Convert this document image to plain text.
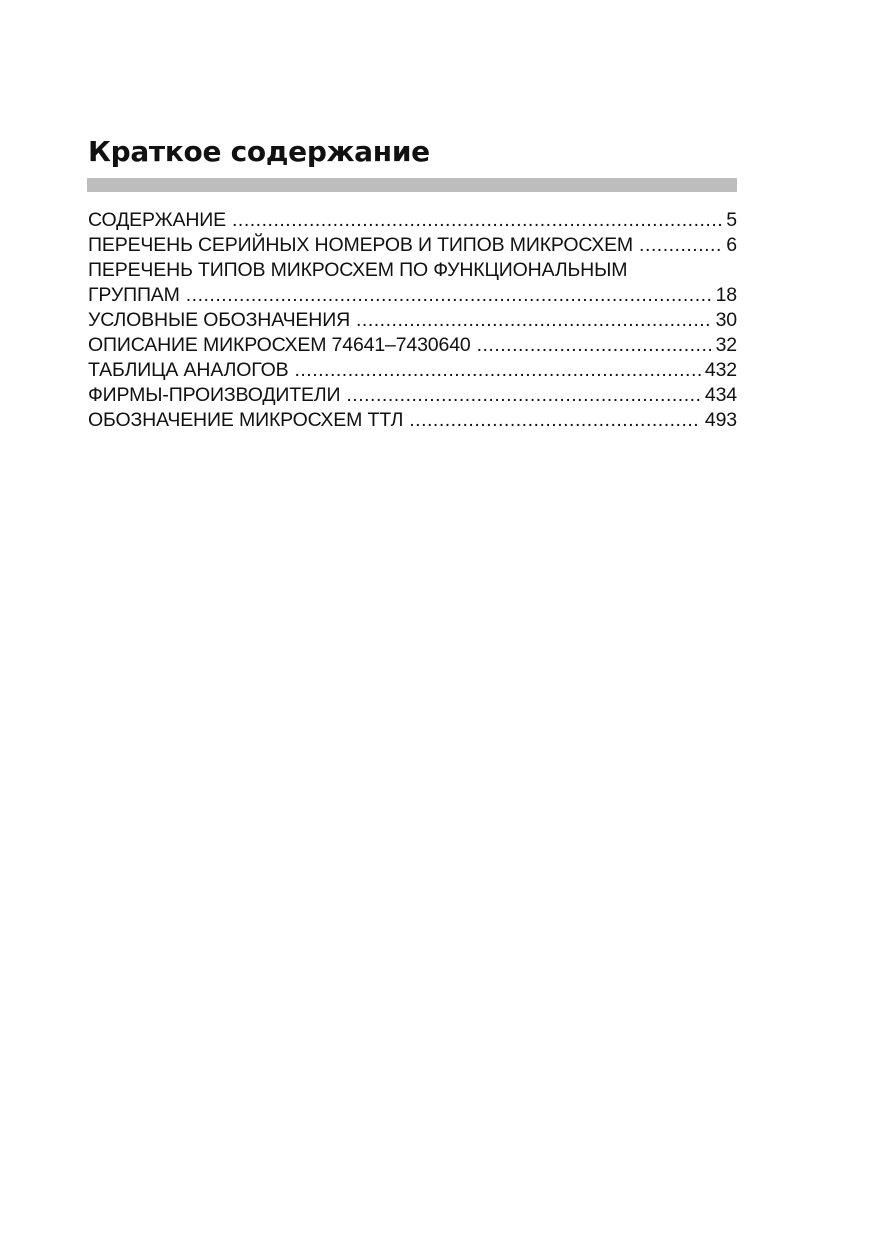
Краткое содержание
СОДЕРЖАНИЕ .....	5
ПЕРЕЧЕНЬ СЕРИЙНЫХ НОМЕРОВ И ТИПОВ МИКРОСХЕМ .....	6
ПЕРЕЧЕНЬ ТИПОВ МИКРОСХЕМ ПО ФУНКЦИОНАЛЬНЫМ
ГРУППАМ .....	18
УСЛОВНЫЕ ОБОЗНАЧЕНИЯ .....	30
ОПИСАНИЕ МИКРОСХЕМ 74641–7430640 .....	32
ТАБЛИЦА АНАЛОГОВ .....	432
ФИРМЫ-ПРОИЗВОДИТЕЛИ .....	434
ОБОЗНАЧЕНИЕ МИКРОСХЕМ ТТЛ .....	493
